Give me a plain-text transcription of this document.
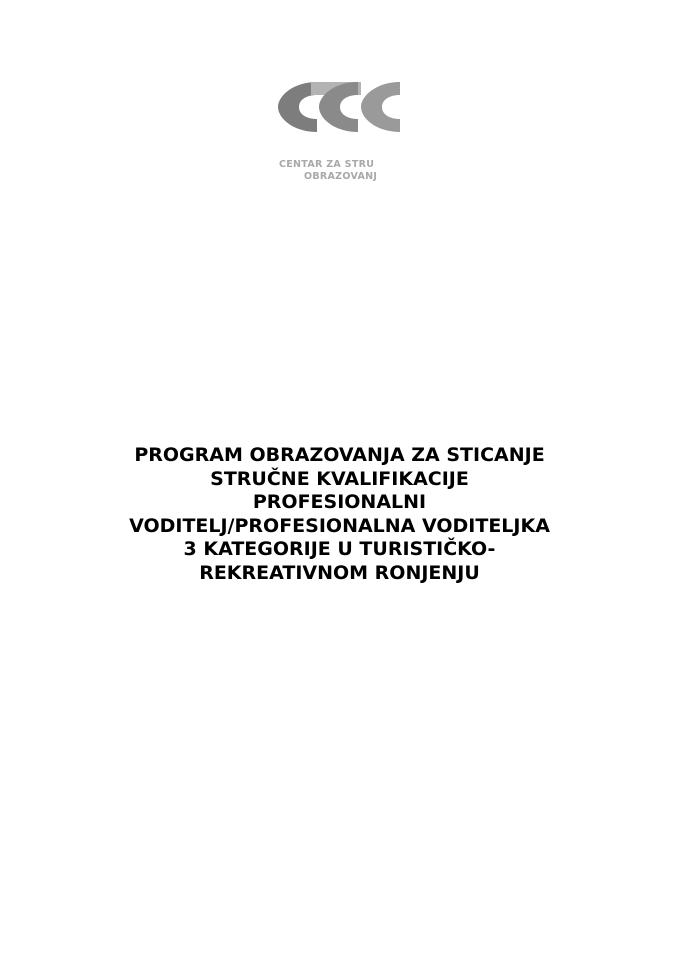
CENTAR ZA STRU
OBRAZOVANJ
PROGRAM OBRAZOVANJA ZA STICANJE
STRUČNE KVALIFIKACIJE
PROFESIONALNI
VODITELJ/PROFESIONALNA VODITELJKA
3 KATEGORIJE U TURISTIČKO-
REKREATIVNOM RONJENJU
